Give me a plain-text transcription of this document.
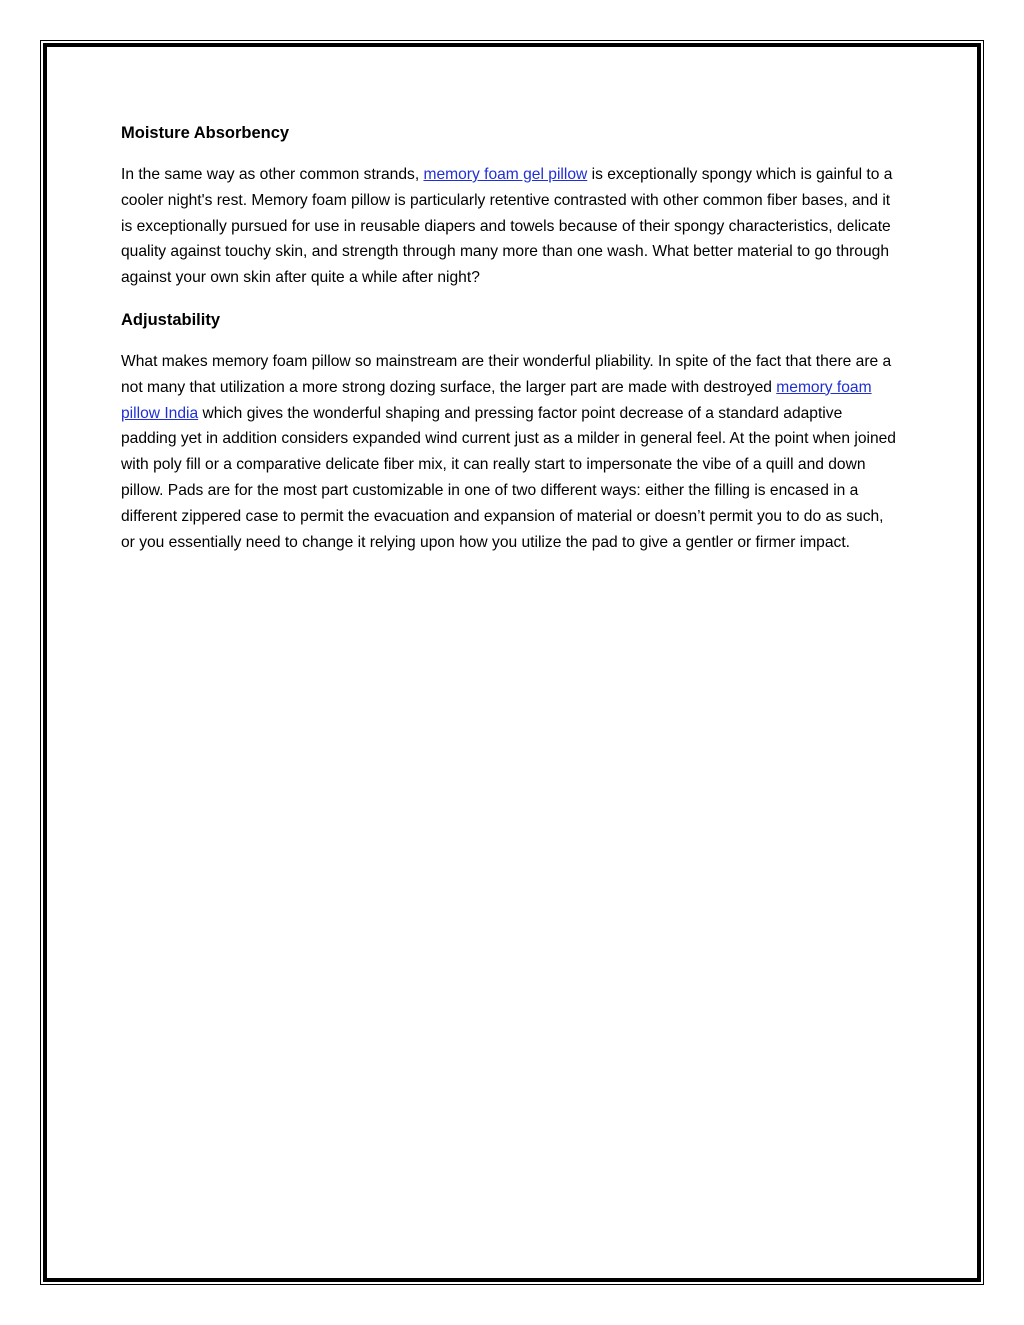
Moisture Absorbency

In the same way as other common strands, memory foam gel pillow is exceptionally spongy which is gainful to a cooler night's rest. Memory foam pillow is particularly retentive contrasted with other common fiber bases, and it is exceptionally pursued for use in reusable diapers and towels because of their spongy characteristics, delicate quality against touchy skin, and strength through many more than one wash. What better material to go through against your own skin after quite a while after night?

Adjustability

What makes memory foam pillow so mainstream are their wonderful pliability. In spite of the fact that there are a not many that utilization a more strong dozing surface, the larger part are made with destroyed memory foam pillow India which gives the wonderful shaping and pressing factor point decrease of a standard adaptive padding yet in addition considers expanded wind current just as a milder in general feel. At the point when joined with poly fill or a comparative delicate fiber mix, it can really start to impersonate the vibe of a quill and down pillow. Pads are for the most part customizable in one of two different ways: either the filling is encased in a different zippered case to permit the evacuation and expansion of material or doesn’t permit you to do as such, or you essentially need to change it relying upon how you utilize the pad to give a gentler or firmer impact.
